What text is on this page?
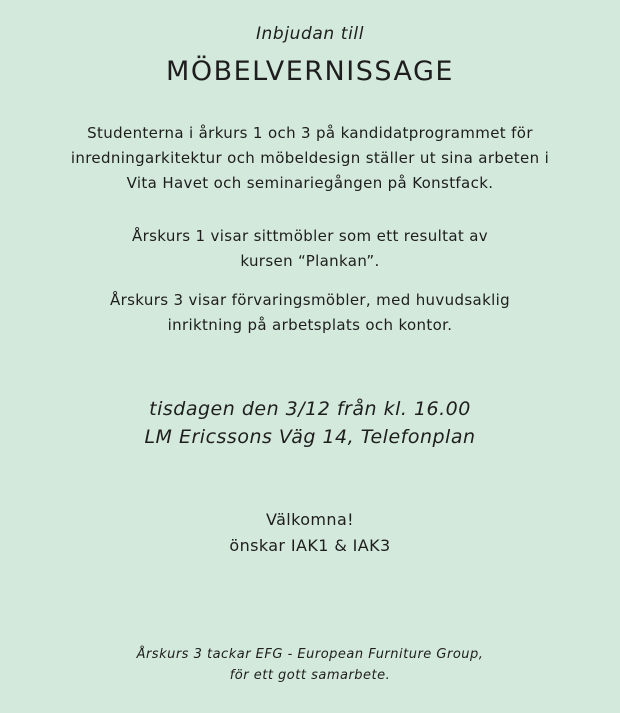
Inbjudan till
MÖBELVERNISSAGE

Studenterna i årkurs 1 och 3 på kandidatprogrammet för
inredningarkitektur och möbeldesign ställer ut sina arbeten i
Vita Havet och seminariegången på Konstfack.

Årskurs 1 visar sittmöbler som ett resultat av
kursen “Plankan”.

Årskurs 3 visar förvaringsmöbler, med huvudsaklig
inriktning på arbetsplats och kontor.

tisdagen den 3/12 från kl. 16.00
LM Ericssons Väg 14, Telefonplan
Välkomna!
önskar IAK1 & IAK3
Årskurs 3 tackar EFG - European Furniture Group,
för ett gott samarbete.
